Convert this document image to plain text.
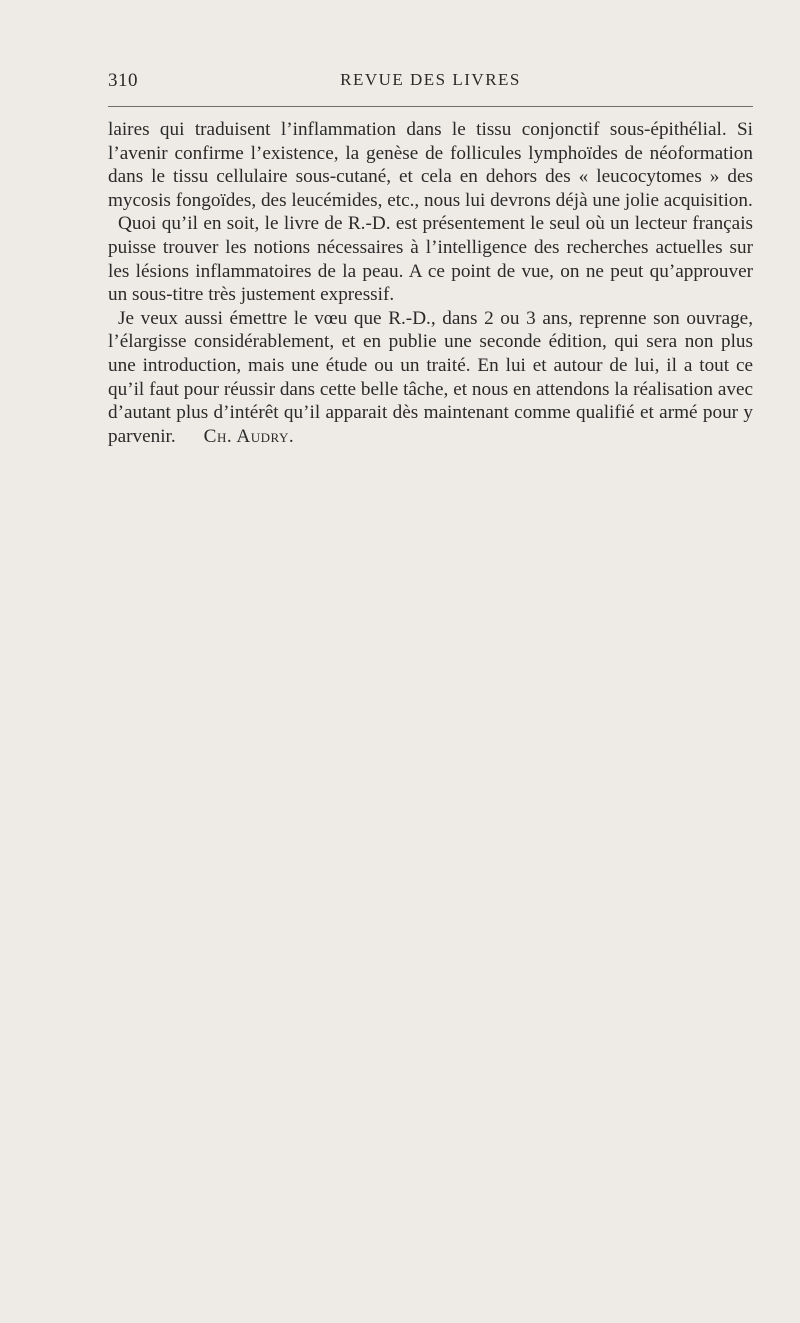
310	REVUE DES LIVRES

laires qui traduisent l’inflammation dans le tissu conjonctif sous-épithélial. Si l’avenir confirme l’existence, la genèse de follicules lymphoïdes de néoformation dans le tissu cellulaire sous-cutané, et cela en dehors des « leucocytomes » des mycosis fongoïdes, des leucémides, etc., nous lui devrons déjà une jolie acquisition.

Quoi qu’il en soit, le livre de R.-D. est présentement le seul où un lecteur français puisse trouver les notions nécessaires à l’intelligence des recherches actuelles sur les lésions inflammatoires de la peau. A ce point de vue, on ne peut qu’approuver un sous-titre très justement expressif.

Je veux aussi émettre le vœu que R.-D., dans 2 ou 3 ans, reprenne son ouvrage, l’élargisse considérablement, et en publie une seconde édition, qui sera non plus une introduction, mais une étude ou un traité. En lui et autour de lui, il a tout ce qu’il faut pour réussir dans cette belle tâche, et nous en attendons la réalisation avec d’autant plus d’intérêt qu’il apparait dès maintenant comme qualifié et armé pour y parvenir. Ch. Audry.
